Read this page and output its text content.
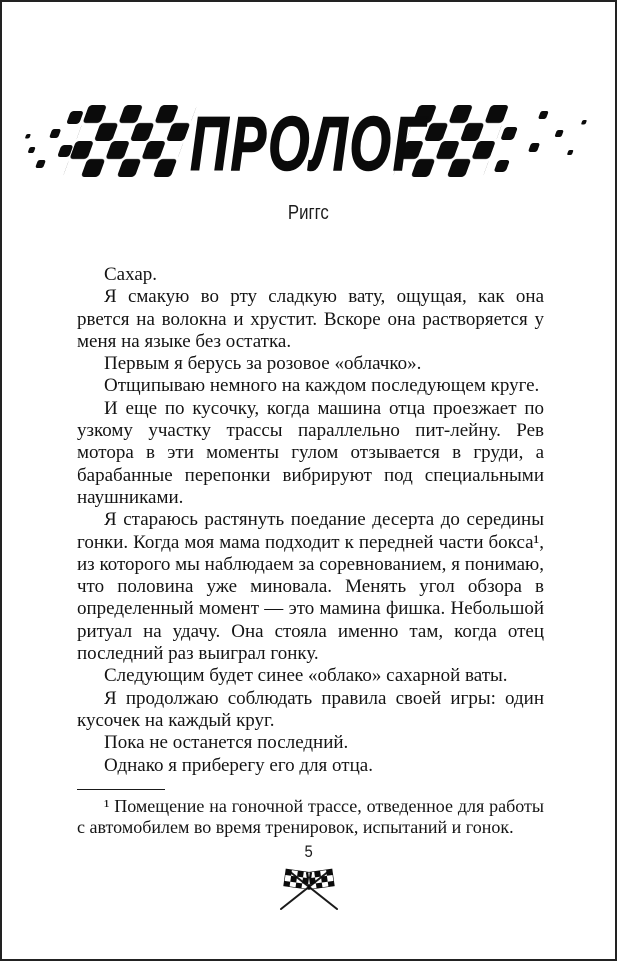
ПРОЛОГ
Риггс

Сахар.

Я смакую во рту сладкую вату, ощущая, как она рвется на волокна и хрустит. Вскоре она растворяется у меня на языке без остатка.

Первым я берусь за розовое «облачко».

Отщипываю немного на каждом последующем круге.

И еще по кусочку, когда машина отца проезжает по узкому участку трассы параллельно пит-лейну. Рев мотора в эти моменты гулом отзывается в груди, а барабанные перепонки вибрируют под специальными наушниками.

Я стараюсь растянуть поедание десерта до середины гонки. Когда моя мама подходит к передней части бокса¹, из которого мы наблюдаем за соревнованием, я понимаю, что половина уже миновала. Менять угол обзора в определенный момент — это мамина фишка. Небольшой ритуал на удачу. Она стояла именно там, когда отец последний раз выиграл гонку.

Следующим будет синее «облако» сахарной ваты.

Я продолжаю соблюдать правила своей игры: один кусочек на каждый круг.

Пока не останется последний.

Однако я приберегу его для отца.

¹ Помещение на гоночной трассе, отведенное для работы с автомобилем во время тренировок, испытаний и гонок.

5
